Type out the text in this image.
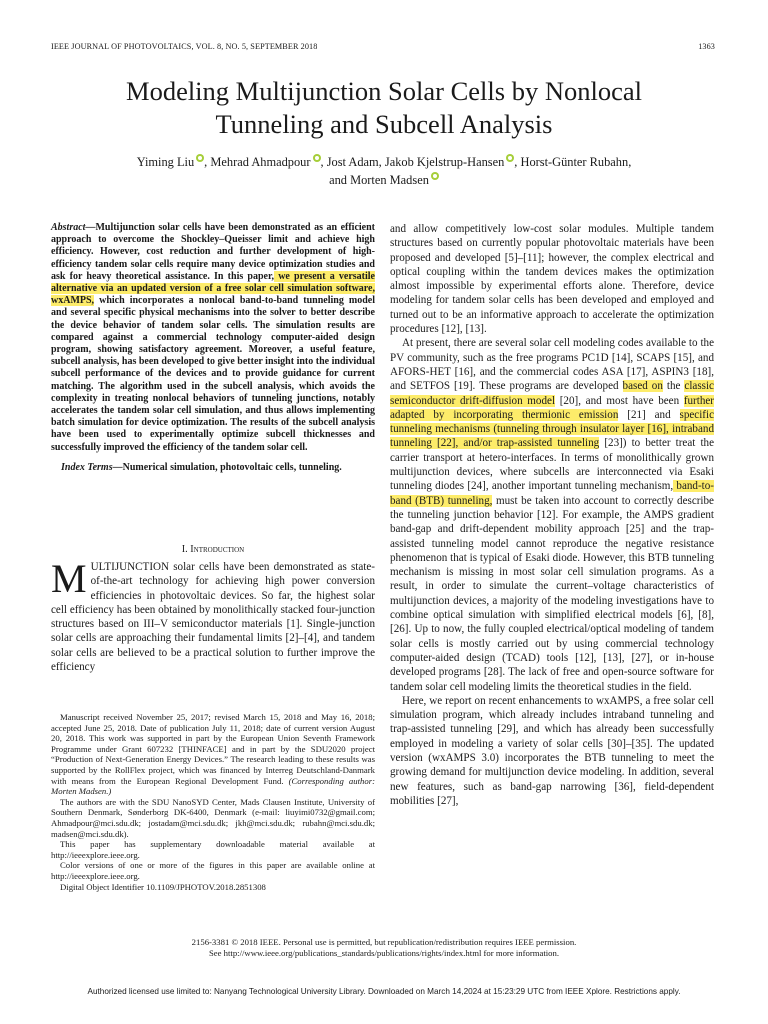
IEEE JOURNAL OF PHOTOVOLTAICS, VOL. 8, NO. 5, SEPTEMBER 2018	1363
Modeling Multijunction Solar Cells by Nonlocal
Tunneling and Subcell Analysis
Yiming Liu , Mehrad Ahmadpour , Jost Adam, Jakob Kjelstrup-Hansen , Horst-Günter Rubahn,
and Morten Madsen

Abstract—Multijunction solar cells have been demonstrated as an efficient approach to overcome the Shockley–Queisser limit and achieve high efficiency. However, cost reduction and further development of high-efficiency tandem solar cells require many device optimization studies and ask for heavy theoretical assistance. In this paper, we present a versatile alternative via an updated version of a free solar cell simulation software, wxAMPS, which incorporates a nonlocal band-to-band tunneling model and several specific physical mechanisms into the solver to better describe the device behavior of tandem solar cells. The simulation results are compared against a commercial technology computer-aided design program, showing satisfactory agreement. Moreover, a useful feature, subcell analysis, has been developed to give better insight into the individual subcell performance of the devices and to provide guidance for current matching. The algorithm used in the subcell analysis, which avoids the complexity in treating nonlocal behaviors of tunneling junctions, notably accelerates the tandem solar cell simulation, and thus allows implementing batch simulation for device optimization. The results of the subcell analysis have been used to experimentally optimize subcell thicknesses and successfully improved the efficiency of the tandem solar cell.

Index Terms—Numerical simulation, photovoltaic cells, tunneling.

I. Introduction

MULTIJUNCTION solar cells have been demonstrated as state-of-the-art technology for achieving high power conversion efficiencies in photovoltaic devices. So far, the highest solar cell efficiency has been obtained by monolithically stacked four-junction structures based on III–V semiconductor materials [1]. Single-junction solar cells are approaching their fundamental limits [2]–[4], and tandem solar cells are believed to be a practical solution to further improve the efficiency

Manuscript received November 25, 2017; revised March 15, 2018 and May 16, 2018; accepted June 25, 2018. Date of publication July 11, 2018; date of current version August 20, 2018. This work was supported in part by the European Union Seventh Framework Programme under Grant 607232 [THINFACE] and in part by the SDU2020 project “Production of Next-Generation Energy Devices.” The research leading to these results was supported by the RollFlex project, which was financed by Interreg Deutschland-Danmark with means from the European Regional Development Fund. (Corresponding author: Morten Madsen.)

The authors are with the SDU NanoSYD Center, Mads Clausen Institute, University of Southern Denmark, Sønderborg DK-6400, Denmark (e-mail: liuyimi0732@gmail.com; Ahmadpour@mci.sdu.dk; jostadam@mci.sdu.dk; jkh@mci.sdu.dk; rubahn@mci.sdu.dk; madsen@mci.sdu.dk).

This paper has supplementary downloadable material available at http://ieeexplore.ieee.org.

Color versions of one or more of the figures in this paper are available online at http://ieeexplore.ieee.org.

Digital Object Identifier 10.1109/JPHOTOV.2018.2851308

and allow competitively low-cost solar modules. Multiple tandem structures based on currently popular photovoltaic materials have been proposed and developed [5]–[11]; however, the complex electrical and optical coupling within the tandem devices makes the optimization almost impossible by experimental efforts alone. Therefore, device modeling for tandem solar cells has been developed and employed and turned out to be an informative approach to accelerate the optimization procedures [12], [13].

At present, there are several solar cell modeling codes available to the PV community, such as the free programs PC1D [14], SCAPS [15], and AFORS-HET [16], and the commercial codes ASA [17], ASPIN3 [18], and SETFOS [19]. These programs are developed based on the classic semiconductor drift-diffusion model [20], and most have been further adapted by incorporating thermionic emission [21] and specific tunneling mechanisms (tunneling through insulator layer [16], intraband tunneling [22], and/or trap-assisted tunneling [23]) to better treat the carrier transport at hetero-interfaces. In terms of monolithically grown multijunction devices, where subcells are interconnected via Esaki tunneling diodes [24], another important tunneling mechanism, band-to-band (BTB) tunneling, must be taken into account to correctly describe the tunneling junction behavior [12]. For example, the AMPS gradient band-gap and drift-dependent mobility approach [25] and the trap-assisted tunneling model cannot reproduce the negative resistance phenomenon that is typical of Esaki diode. However, this BTB tunneling mechanism is missing in most solar cell simulation programs. As a result, in order to simulate the current–voltage characteristics of multijunction devices, a majority of the modeling investigations have to combine optical simulation with simplified electrical models [6], [8], [26]. Up to now, the fully coupled electrical/optical modeling of tandem solar cells is mostly carried out by using commercial technology computer-aided design (TCAD) tools [12], [13], [27], or in-house developed programs [28]. The lack of free and open-source software for tandem solar cell modeling limits the theoretical studies in the field.

Here, we report on recent enhancements to wxAMPS, a free solar cell simulation program, which already includes intraband tunneling and trap-assisted tunneling [29], and which has already been successfully employed in modeling a variety of solar cells [30]–[35]. The updated version (wxAMPS 3.0) incorporates the BTB tunneling to meet the growing demand for multijunction device modeling. In addition, several new features, such as band-gap narrowing [36], field-dependent mobilities [27],

2156-3381 © 2018 IEEE. Personal use is permitted, but republication/redistribution requires IEEE permission.
See http://www.ieee.org/publications_standards/publications/rights/index.html for more information.
Authorized licensed use limited to: Nanyang Technological University Library. Downloaded on March 14,2024 at 15:23:29 UTC from IEEE Xplore. Restrictions apply.
